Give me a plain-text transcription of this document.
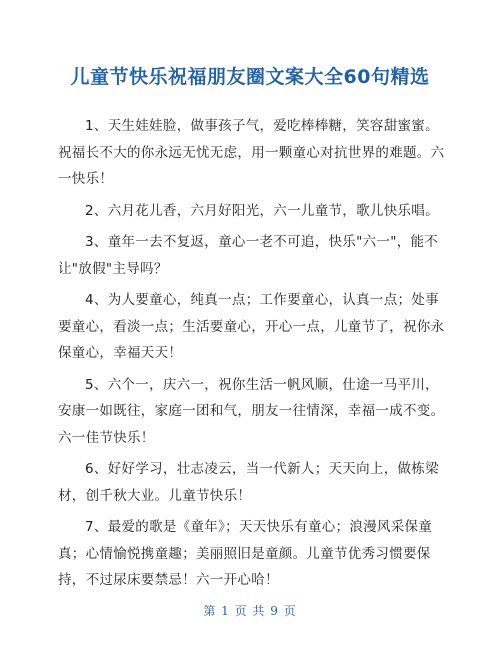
儿童节快乐祝福朋友圈文案大全60句精选

1、天生娃娃脸，做事孩子气，爱吃棒棒糖，笑容甜蜜蜜。祝福长不大的你永远无忧无虑，用一颗童心对抗世界的难题。六一快乐！

2、六月花儿香，六月好阳光，六一儿童节，歌儿快乐唱。

3、童年一去不复返，童心一老不可追，快乐"六一"，能不让"放假"主导吗？

4、为人要童心，纯真一点；工作要童心，认真一点；处事要童心，看淡一点；生活要童心，开心一点，儿童节了，祝你永保童心，幸福天天！

5、六个一，庆六一，祝你生活一帆风顺，仕途一马平川，安康一如既往，家庭一团和气，朋友一往情深，幸福一成不变。六一佳节快乐！

6、好好学习，壮志凌云，当一代新人；天天向上，做栋梁材，创千秋大业。儿童节快乐！

7、最爱的歌是《童年》；天天快乐有童心；浪漫风采保童真；心情愉悦携童趣；美丽照旧是童颜。儿童节优秀习惯要保持，不过尿床要禁忌！六一开心哈！

第 1 页 共 9 页
